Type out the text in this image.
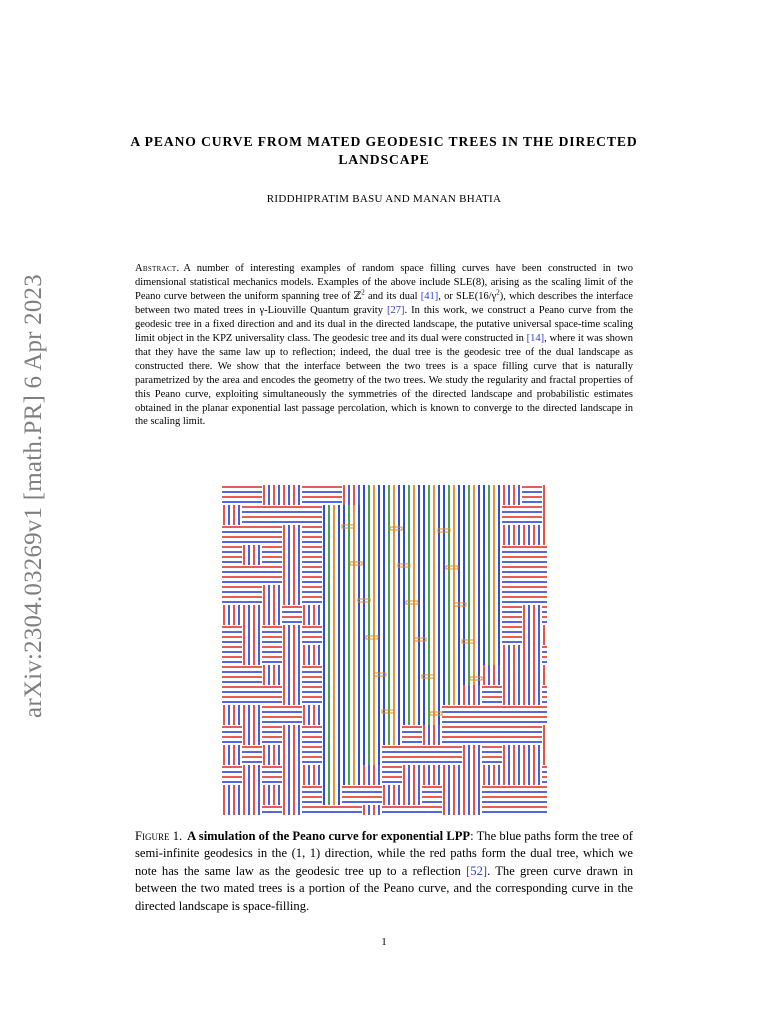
arXiv:2304.03269v1 [math.PR] 6 Apr 2023
A PEANO CURVE FROM MATED GEODESIC TREES IN THE DIRECTED LANDSCAPE
RIDDHIPRATIM BASU AND MANAN BHATIA

Abstract. A number of interesting examples of random space filling curves have been constructed in two dimensional statistical mechanics models. Examples of the above include SLE(8), arising as the scaling limit of the Peano curve between the uniform spanning tree of ℤ$^2$ and its dual [41], or $SLE(16/\gamma^2)$, which describes the interface between two mated trees in γ-Liouville Quantum gravity [27]. In this work, we construct a Peano curve from the geodesic tree in a fixed direction and and its dual in the directed landscape, the putative universal space-time scaling limit object in the KPZ universality class. The geodesic tree and its dual were constructed in [14], where it was shown that they have the same law up to reflection; indeed, the dual tree is the geodesic tree of the dual landscape as constructed there. We show that the interface between the two trees is a space filling curve that is naturally parametrized by the area and encodes the geometry of the two trees. We study the regularity and fractal properties of this Peano curve, exploiting simultaneously the symmetries of the directed landscape and probabilistic estimates obtained in the planar exponential last passage percolation, which is known to converge to the directed landscape in the scaling limit.

Figure 1. A simulation of the Peano curve for exponential LPP: The blue paths form the tree of semi-infinite geodesics in the (1, 1) direction, while the red paths form the dual tree, which we note has the same law as the geodesic tree up to a reflection [52]. The green curve drawn in between the two mated trees is a portion of the Peano curve, and the corresponding curve in the directed landscape is space-filling.

1
